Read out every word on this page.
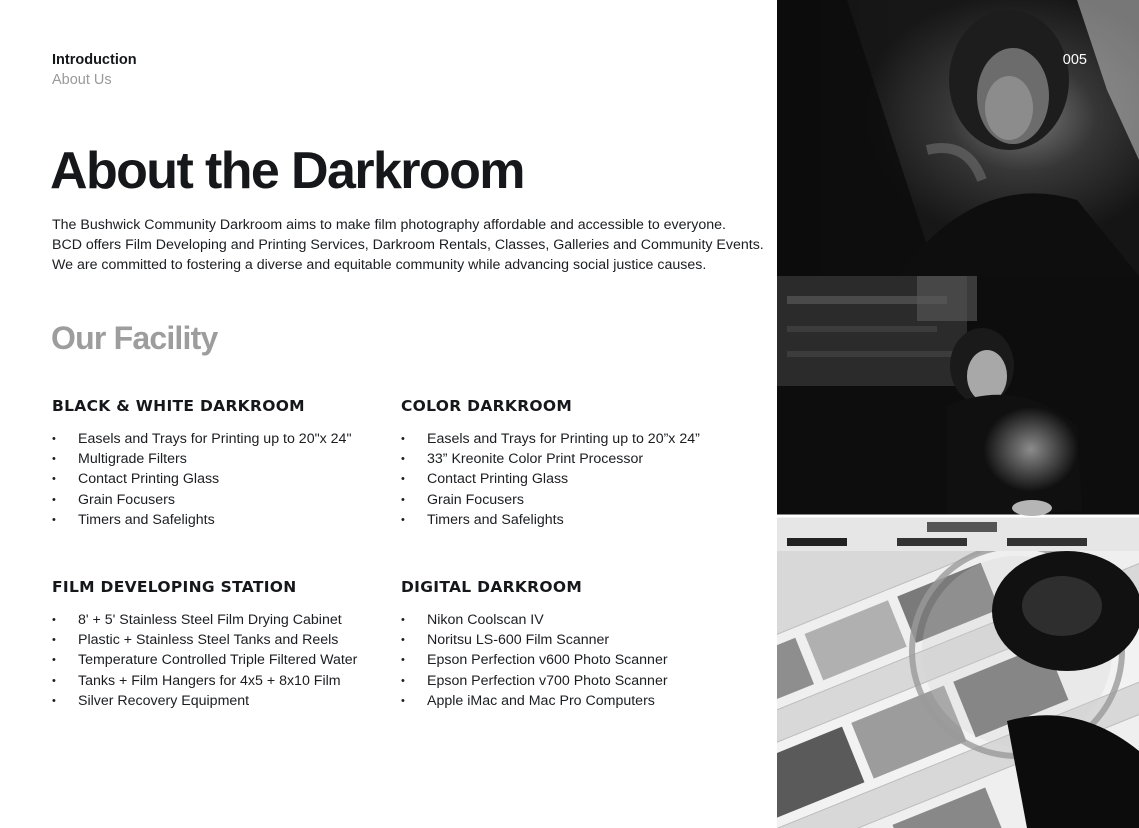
Introduction
About Us
About the Darkroom
The Bushwick Community Darkroom aims to make film photography affordable and accessible to everyone.
BCD offers Film Developing and Printing Services, Darkroom Rentals, Classes, Galleries and Community Events.
We are committed to fostering a diverse and equitable community while advancing social justice causes.
Our Facility
BLACK & WHITE DARKROOM
• Easels and Trays for Printing up to 20"x 24"
• Multigrade Filters
• Contact Printing Glass
• Grain Focusers
• Timers and Safelights
COLOR DARKROOM
• Easels and Trays for Printing up to 20”x 24”
• 33” Kreonite Color Print Processor
• Contact Printing Glass
• Grain Focusers
• Timers and Safelights
FILM DEVELOPING STATION
• 8' + 5' Stainless Steel Film Drying Cabinet
• Plastic + Stainless Steel Tanks and Reels
• Temperature Controlled Triple Filtered Water
• Tanks + Film Hangers for 4x5 + 8x10 Film
• Silver Recovery Equipment
DIGITAL DARKROOM
• Nikon Coolscan IV
• Noritsu LS-600 Film Scanner
• Epson Perfection v600 Photo Scanner
• Epson Perfection v700 Photo Scanner
• Apple iMac and Mac Pro Computers
005
